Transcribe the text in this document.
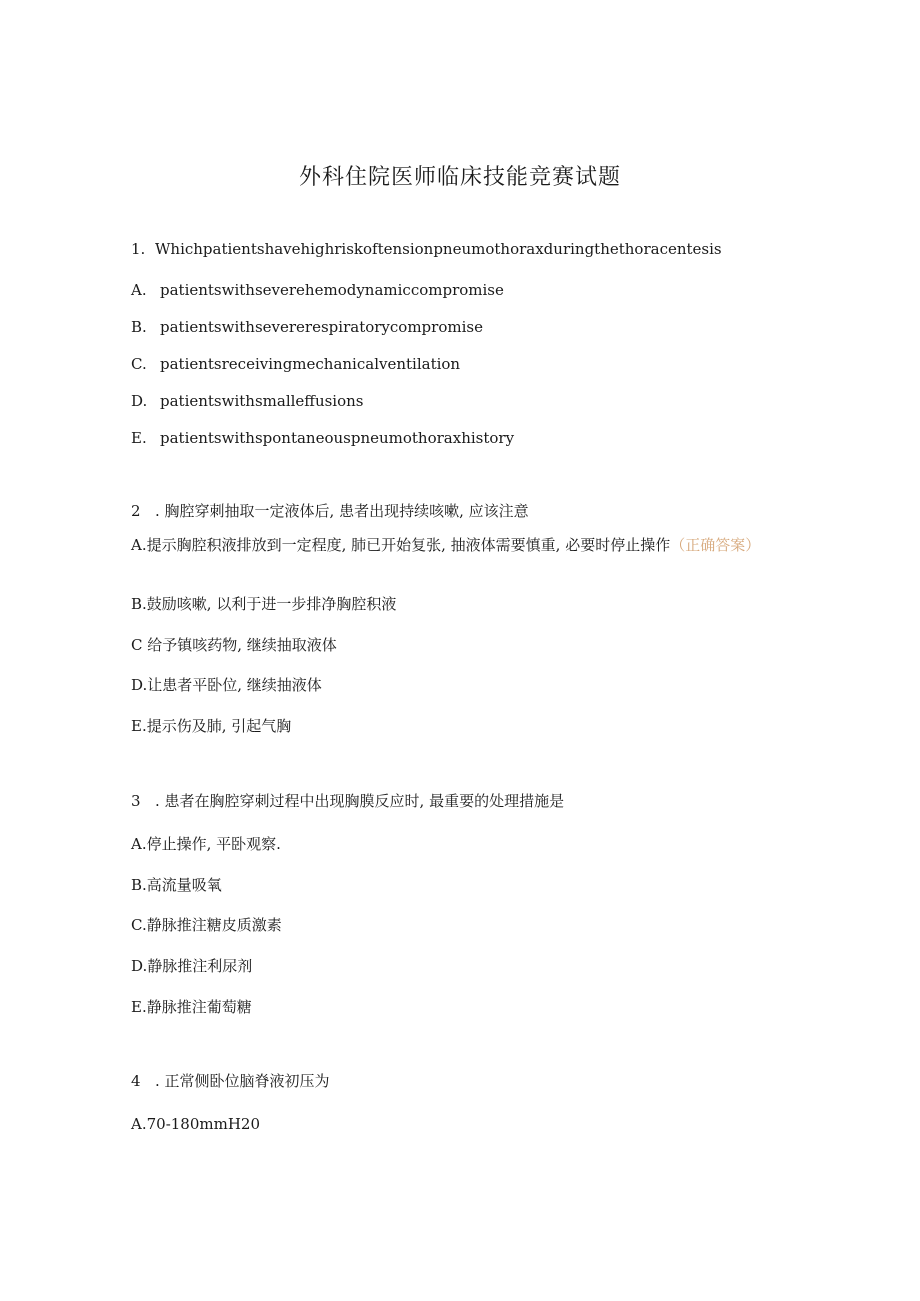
外科住院医师临床技能竞赛试题
1. Whichpatientshavehighriskoftensionpneumothoraxduringthethoracentesis
A. patientswithseverehemodynamiccompromise
B. patientswithsevererespiratorycompromise
C. patientsreceivingmechanicalventilation
D. patientswithsmalleffusions
E. patientswithspontaneouspneumothoraxhistory
2 . 胸腔穿刺抽取一定液体后, 患者出现持续咳嗽, 应该注意
A.提示胸腔积液排放到一定程度, 肺已开始复张, 抽液体需要慎重, 必要时停止操作（正确答案）
B.鼓励咳嗽, 以利于进一步排净胸腔积液
C 给予镇咳药物, 继续抽取液体
D.让患者平卧位, 继续抽液体
E.提示伤及肺, 引起气胸
3 . 患者在胸腔穿刺过程中出现胸膜反应时, 最重要的处理措施是
A.停止操作, 平卧观察.
B.高流量吸氧
C.静脉推注糖皮质激素
D.静脉推注利尿剂
E.静脉推注葡萄糖
4 . 正常侧卧位脑脊液初压为
A.70-180mmH20
